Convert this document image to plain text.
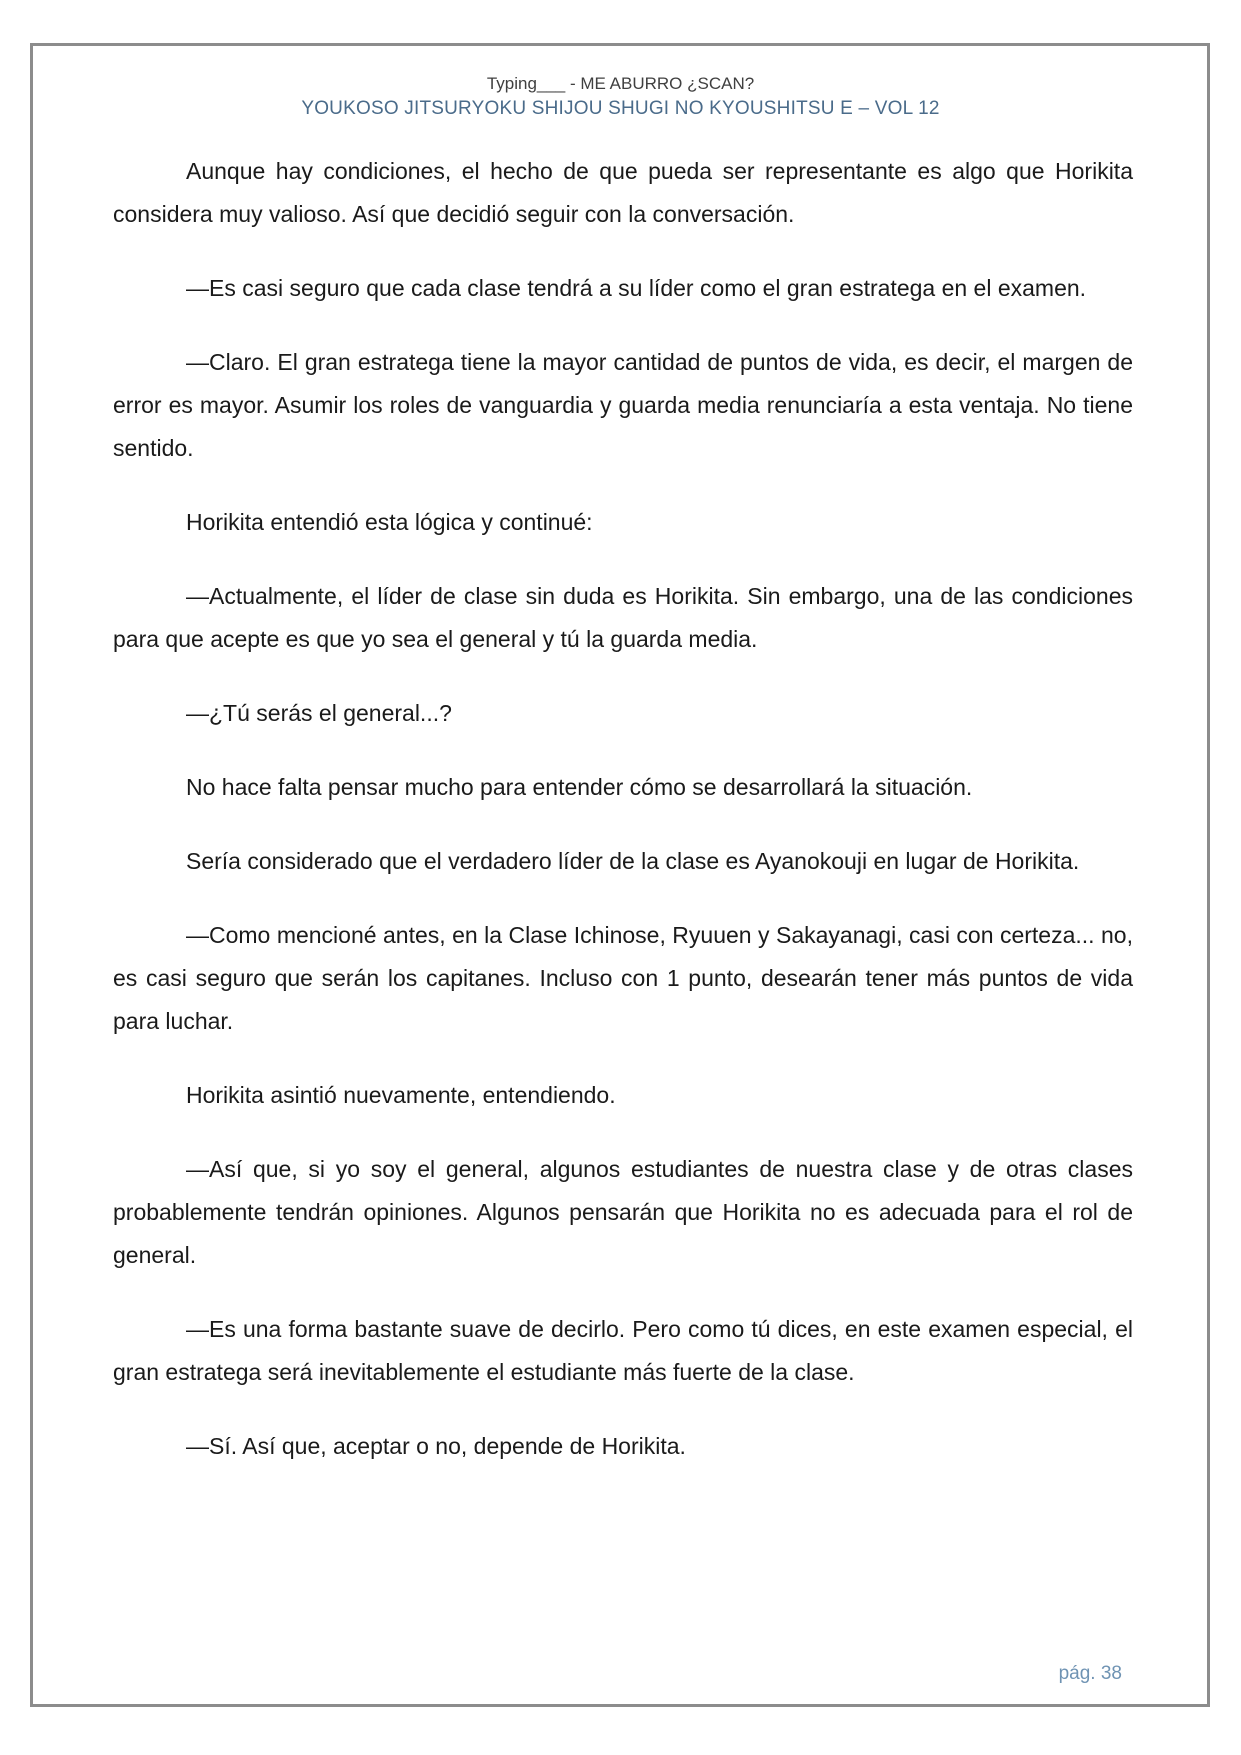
Typing___ - ME ABURRO ¿SCAN?
YOUKOSO JITSURYOKU SHIJOU SHUGI NO KYOUSHITSU E – VOL 12

Aunque hay condiciones, el hecho de que pueda ser representante es algo que Horikita considera muy valioso. Así que decidió seguir con la conversación.

—Es casi seguro que cada clase tendrá a su líder como el gran estratega en el examen.

—Claro. El gran estratega tiene la mayor cantidad de puntos de vida, es decir, el margen de error es mayor. Asumir los roles de vanguardia y guarda media renunciaría a esta ventaja. No tiene sentido.

Horikita entendió esta lógica y continué:

—Actualmente, el líder de clase sin duda es Horikita. Sin embargo, una de las condiciones para que acepte es que yo sea el general y tú la guarda media.

—¿Tú serás el general...?

No hace falta pensar mucho para entender cómo se desarrollará la situación.

Sería considerado que el verdadero líder de la clase es Ayanokouji en lugar de Horikita.

—Como mencioné antes, en la Clase Ichinose, Ryuuen y Sakayanagi, casi con certeza... no, es casi seguro que serán los capitanes. Incluso con 1 punto, desearán tener más puntos de vida para luchar.

Horikita asintió nuevamente, entendiendo.

—Así que, si yo soy el general, algunos estudiantes de nuestra clase y de otras clases probablemente tendrán opiniones. Algunos pensarán que Horikita no es adecuada para el rol de general.

—Es una forma bastante suave de decirlo. Pero como tú dices, en este examen especial, el gran estratega será inevitablemente el estudiante más fuerte de la clase.

—Sí. Así que, aceptar o no, depende de Horikita.

pág. 38
